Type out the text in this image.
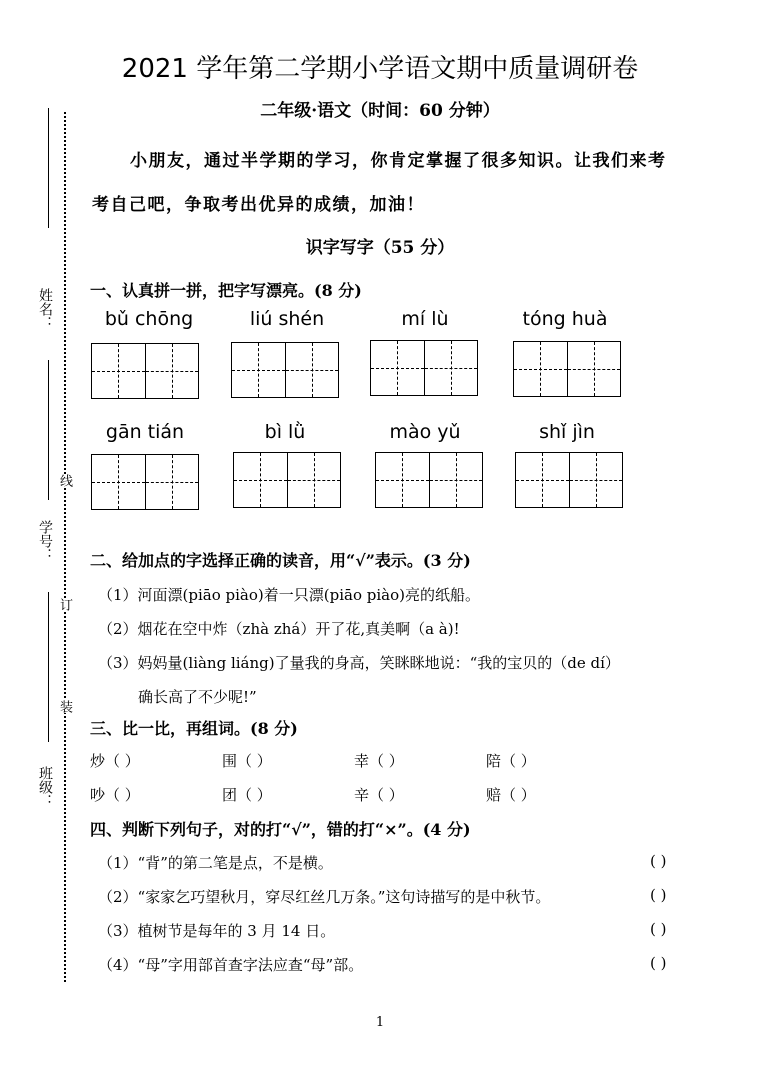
姓名：
学号：
班级：
线
订
装
2021 学年第二学期小学语文期中质量调研卷
二年级·语文（时间：60 分钟）
小朋友，通过半学期的学习，你肯定掌握了很多知识。让我们来考
考自己吧，争取考出优异的成绩，加油！
识字写字（55 分）
一、认真拼一拼，把字写漂亮。(8 分)
bǔ chōng	liú shén	mí lù	tóng huà
gān tián	bì lǜ	mào yǔ	shǐ jìn
二、给加点的字选择正确的读音，用“√”表示。(3 分)
（1）河面漂(piāo piào)着一只漂(piāo piào)亮的纸船。
（2）烟花在空中炸（zhà zhá）开了花,真美啊（a à)!
（3）妈妈量(liàng liáng)了量我的身高，笑眯眯地说：“我的宝贝的（de dí）
确长高了不少呢!”
三、比一比，再组词。(8 分)
炒（ ）	围（ ）	幸（ ）	陪（ ）
吵（ ）	团（ ）	辛（ ）	赔（ ）
四、判断下列句子，对的打“√”，错的打“×”。(4 分)
（1）“背”的第二笔是点，不是横。	( )
（2）“家家乞巧望秋月，穿尽红丝几万条。”这句诗描写的是中秋节。	( )
（3）植树节是每年的 3 月 14 日。	( )
（4）“母”字用部首查字法应查“母”部。	( )
1
